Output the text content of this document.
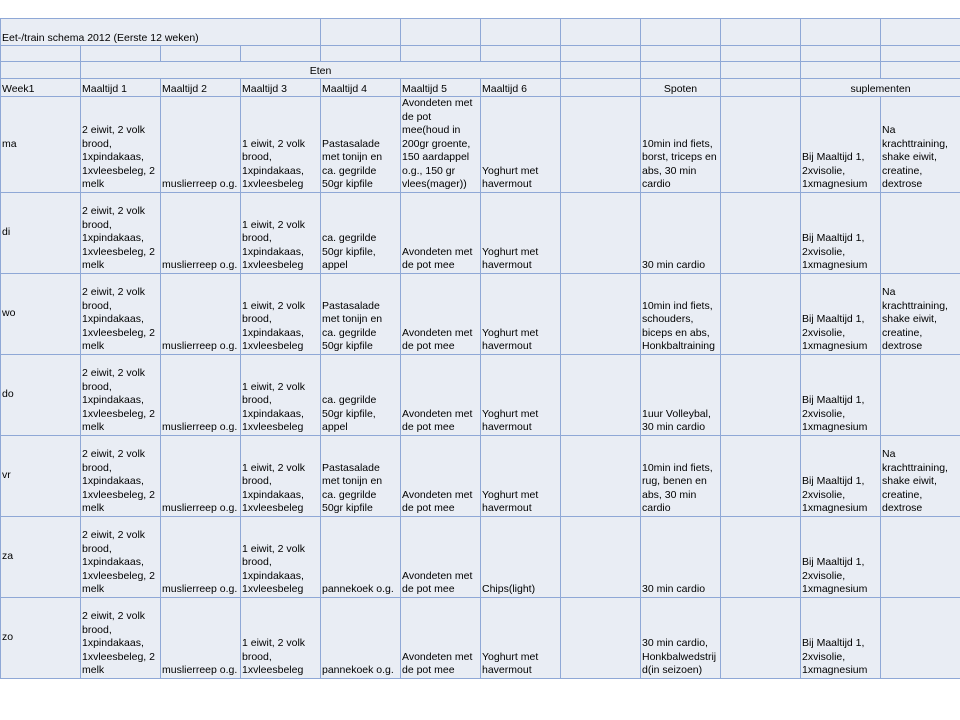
Eet-/train schema 2012 (Eerste 12 weken)											

	Eten										
Week1	Maaltijd 1	Maaltijd 2	Maaltijd 3	Maaltijd 4	Maaltijd 5	Maaltijd 6		Spoten		suplementen	
ma	2 eiwit, 2 volk brood, 1xpindakaas, 1xvleesbeleg, 2 melk	muslierreep o.g.	1 eiwit, 2 volk brood, 1xpindakaas, 1xvleesbeleg	Pastasalade met tonijn en ca. gegrilde 50gr kipfile	Avondeten met de pot mee(houd in 200gr groente, 150 aardappel o.g., 150 gr vlees(mager))	Yoghurt met havermout		10min ind fiets, borst, triceps en abs, 30 min cardio		Bij Maaltijd 1, 2xvisolie, 1xmagnesium	Na krachttraining, shake eiwit, creatine, dextrose
di	2 eiwit, 2 volk brood, 1xpindakaas, 1xvleesbeleg, 2 melk	muslierreep o.g.	1 eiwit, 2 volk brood, 1xpindakaas, 1xvleesbeleg	ca. gegrilde 50gr kipfile, appel	Avondeten met de pot mee	Yoghurt met havermout		30 min cardio		Bij Maaltijd 1, 2xvisolie, 1xmagnesium	
wo	2 eiwit, 2 volk brood, 1xpindakaas, 1xvleesbeleg, 2 melk	muslierreep o.g.	1 eiwit, 2 volk brood, 1xpindakaas, 1xvleesbeleg	Pastasalade met tonijn en ca. gegrilde 50gr kipfile	Avondeten met de pot mee	Yoghurt met havermout		10min ind fiets, schouders, biceps en abs, Honkbaltraining		Bij Maaltijd 1, 2xvisolie, 1xmagnesium	Na krachttraining, shake eiwit, creatine, dextrose
do	2 eiwit, 2 volk brood, 1xpindakaas, 1xvleesbeleg, 2 melk	muslierreep o.g.	1 eiwit, 2 volk brood, 1xpindakaas, 1xvleesbeleg	ca. gegrilde 50gr kipfile, appel	Avondeten met de pot mee	Yoghurt met havermout		1uur Volleybal, 30 min cardio		Bij Maaltijd 1, 2xvisolie, 1xmagnesium	
vr	2 eiwit, 2 volk brood, 1xpindakaas, 1xvleesbeleg, 2 melk	muslierreep o.g.	1 eiwit, 2 volk brood, 1xpindakaas, 1xvleesbeleg	Pastasalade met tonijn en ca. gegrilde 50gr kipfile	Avondeten met de pot mee	Yoghurt met havermout		10min ind fiets, rug, benen en abs, 30 min cardio		Bij Maaltijd 1, 2xvisolie, 1xmagnesium	Na krachttraining, shake eiwit, creatine, dextrose
za	2 eiwit, 2 volk brood, 1xpindakaas, 1xvleesbeleg, 2 melk	muslierreep o.g.	1 eiwit, 2 volk brood, 1xpindakaas, 1xvleesbeleg	pannekoek o.g.	Avondeten met de pot mee	Chips(light)		30 min cardio		Bij Maaltijd 1, 2xvisolie, 1xmagnesium	
zo	2 eiwit, 2 volk brood, 1xpindakaas, 1xvleesbeleg, 2 melk	muslierreep o.g.	1 eiwit, 2 volk brood, 1xvleesbeleg	pannekoek o.g.	Avondeten met de pot mee	Yoghurt met havermout		30 min cardio, Honkbalwedstrijd(in seizoen)		Bij Maaltijd 1, 2xvisolie, 1xmagnesium	
